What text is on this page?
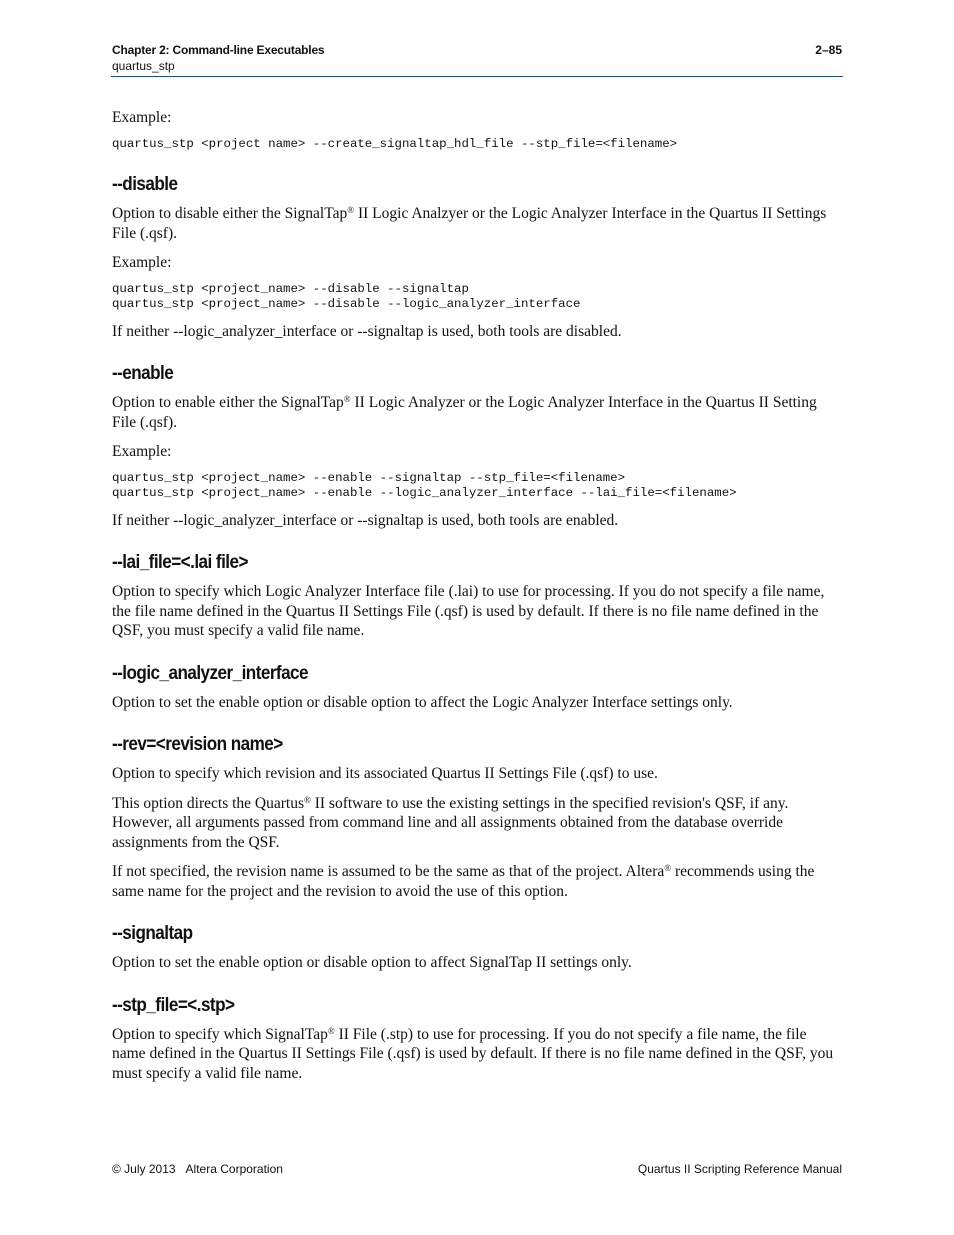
Chapter 2: Command-line Executables
quartus_stp
2–85

Example:

quartus_stp <project name> --create_signaltap_hdl_file --stp_file=<filename>
--disable

Option to disable either the SignalTap® II Logic Analzyer or the Logic Analyzer Interface in the Quartus II Settings File (.qsf).

Example:

quartus_stp <project_name> --disable --signaltap
quartus_stp <project_name> --disable --logic_analyzer_interface

If neither --logic_analyzer_interface or --signaltap is used, both tools are disabled.

--enable

Option to enable either the SignalTap® II Logic Analyzer or the Logic Analyzer Interface in the Quartus II Setting File (.qsf).

Example:

quartus_stp <project_name> --enable --signaltap --stp_file=<filename>
quartus_stp <project_name> --enable --logic_analyzer_interface --lai_file=<filename>

If neither --logic_analyzer_interface or --signaltap is used, both tools are enabled.

--lai_file=<.lai file>

Option to specify which Logic Analyzer Interface file (.lai) to use for processing. If you do not specify a file name, the file name defined in the Quartus II Settings File (.qsf) is used by default. If there is no file name defined in the QSF, you must specify a valid file name.

--logic_analyzer_interface

Option to set the enable option or disable option to affect the Logic Analyzer Interface settings only.

--rev=<revision name>

Option to specify which revision and its associated Quartus II Settings File (.qsf) to use.

This option directs the Quartus® II software to use the existing settings in the specified revision's QSF, if any. However, all arguments passed from command line and all assignments obtained from the database override assignments from the QSF.

If not specified, the revision name is assumed to be the same as that of the project. Altera® recommends using the same name for the project and the revision to avoid the use of this option.

--signaltap

Option to set the enable option or disable option to affect SignalTap II settings only.

--stp_file=<.stp>

Option to specify which SignalTap® II File (.stp) to use for processing. If you do not specify a file name, the file name defined in the Quartus II Settings File (.qsf) is used by default. If there is no file name defined in the QSF, you must specify a valid file name.

© July 2013 Altera Corporation	Quartus II Scripting Reference Manual
